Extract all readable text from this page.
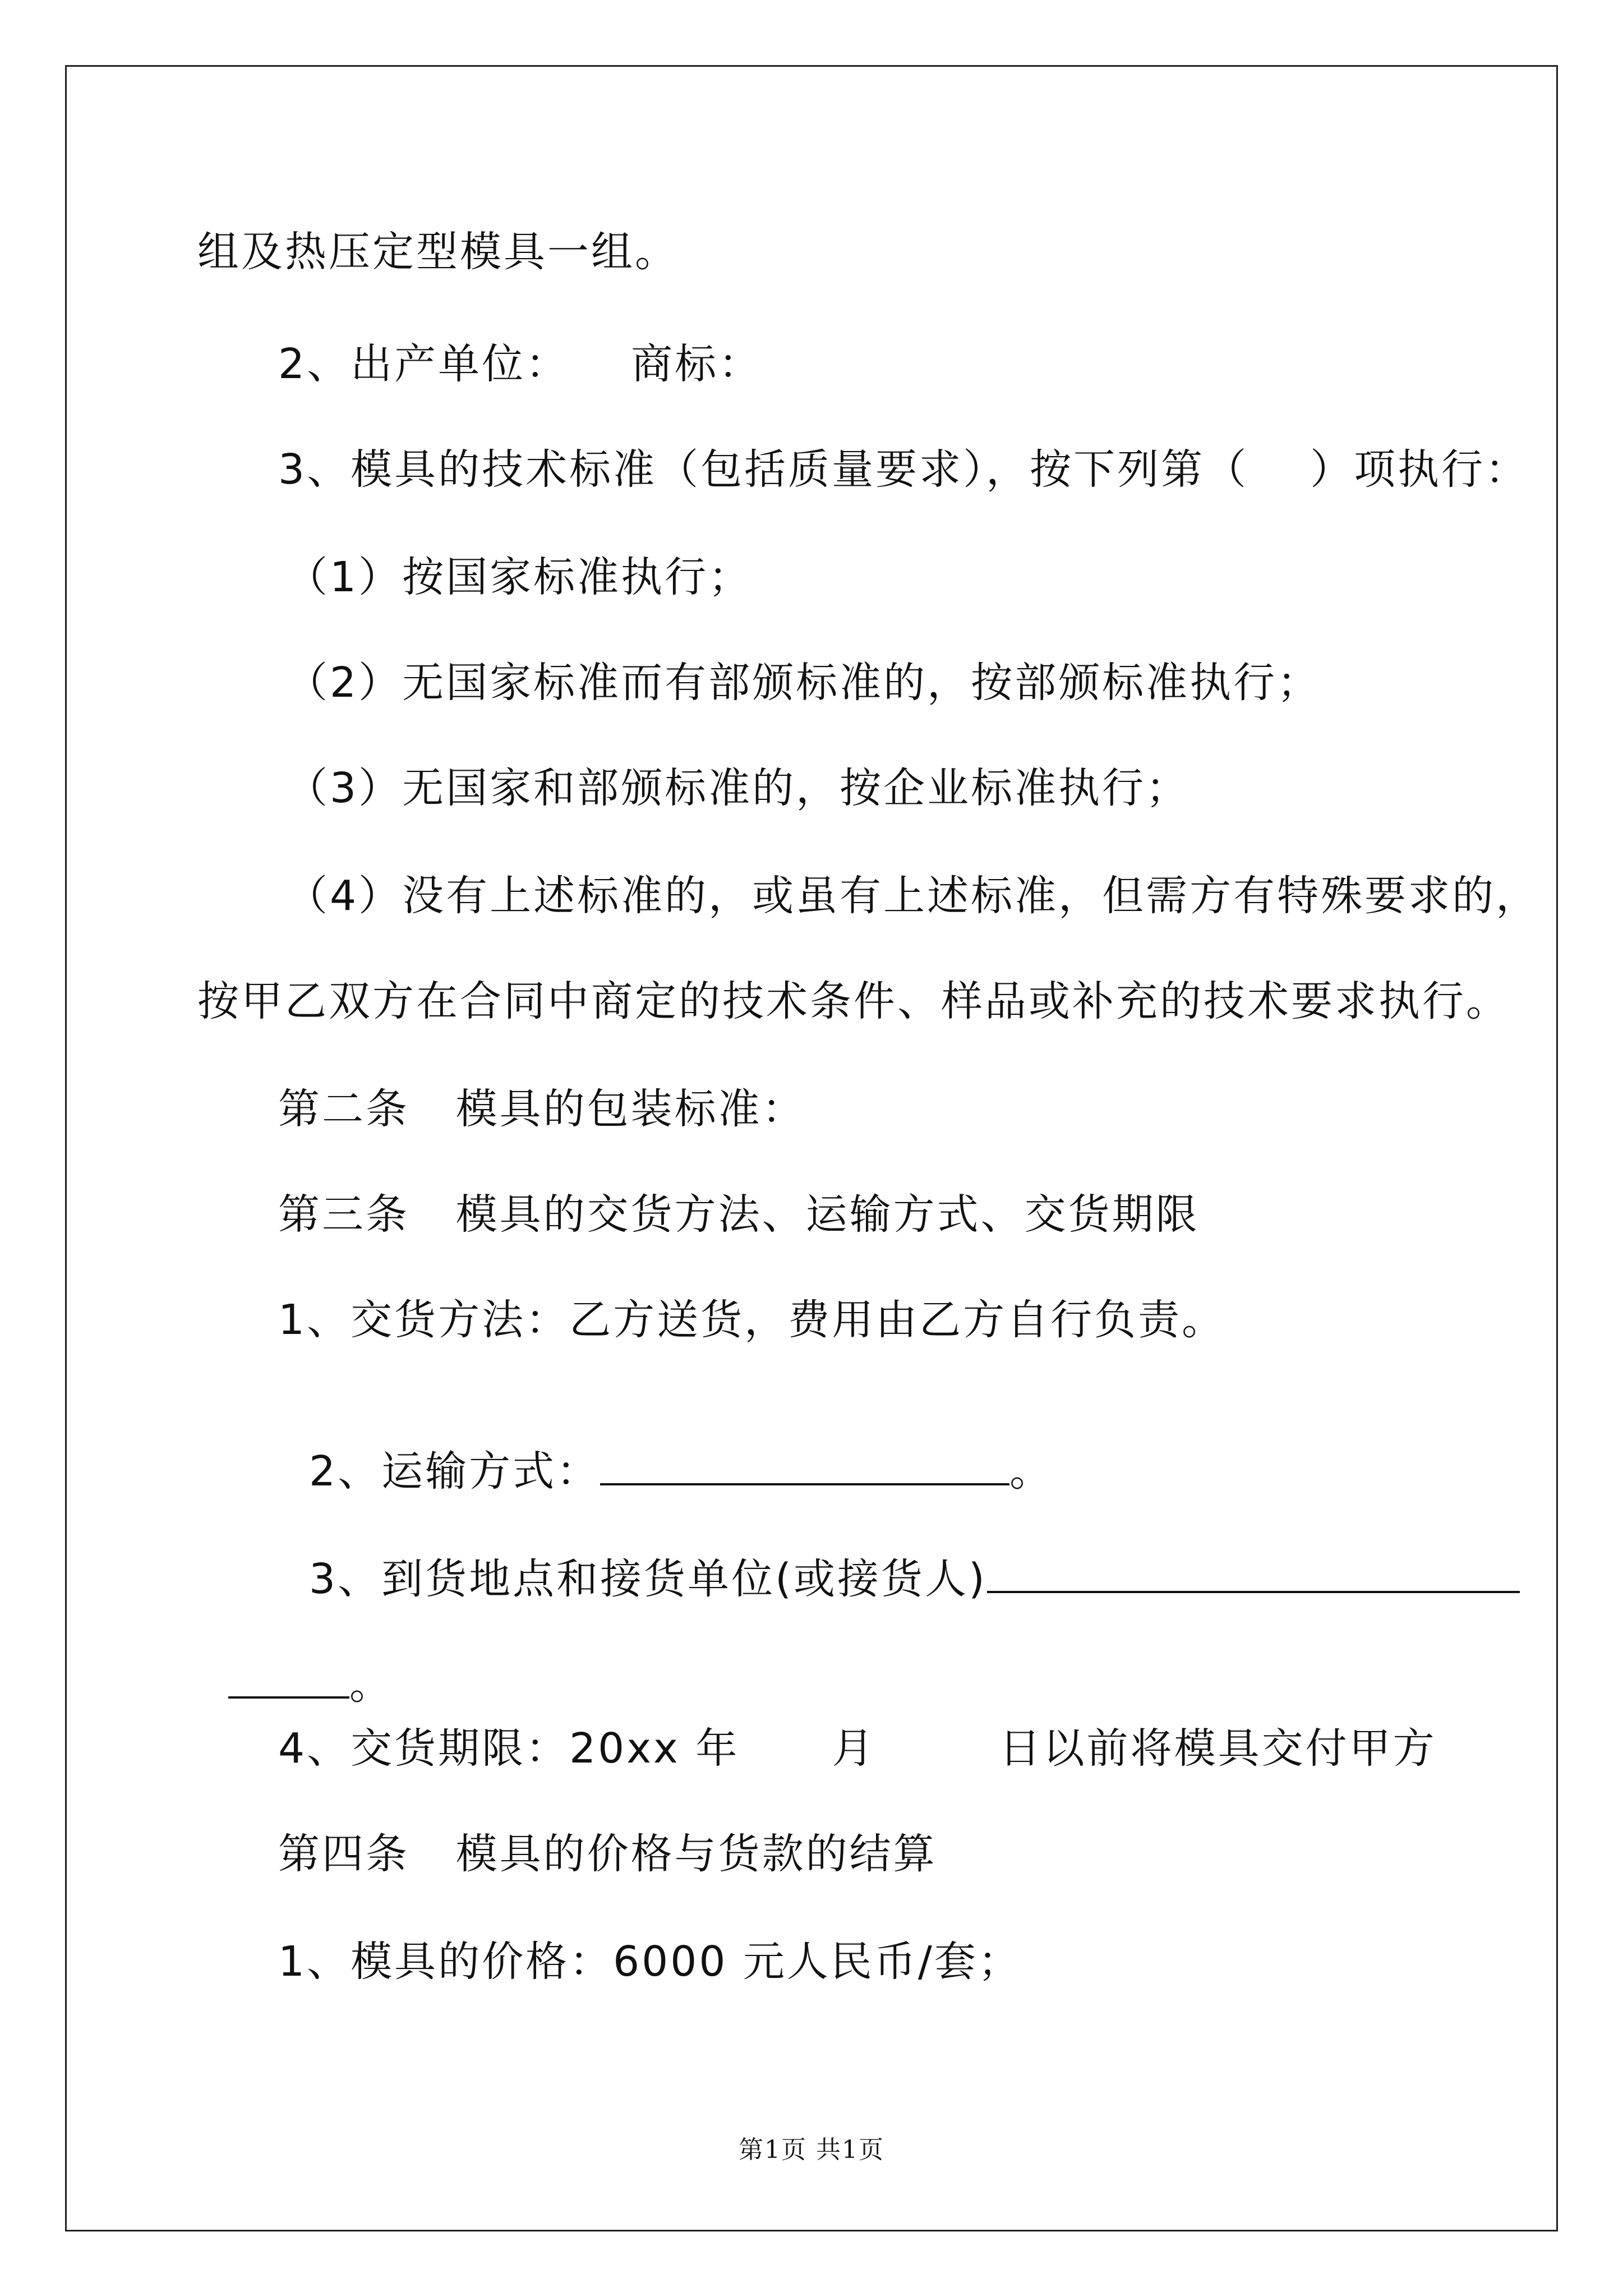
组及热压定型模具一组。
2、出产单位：    商标：
3、模具的技术标准（包括质量要求），按下列第（    ）项执行：
（1）按国家标准执行；
（2）无国家标准而有部颁标准的，按部颁标准执行；
（3）无国家和部颁标准的，按企业标准执行；
（4）没有上述标准的，或虽有上述标准，但需方有特殊要求的，
按甲乙双方在合同中商定的技术条件、样品或补充的技术要求执行。
第二条   模具的包装标准：
第三条   模具的交货方法、运输方式、交货期限
1、交货方法：乙方送货，费用由乙方自行负责。

2、运输方式：	。

3、到货地点和接货单位(或接货人)

。

4、交货期限：20xx 年      月        日以前将模具交付甲方
第四条   模具的价格与货款的结算
1、模具的价格：6000 元人民币/套；
第1页 共1页
